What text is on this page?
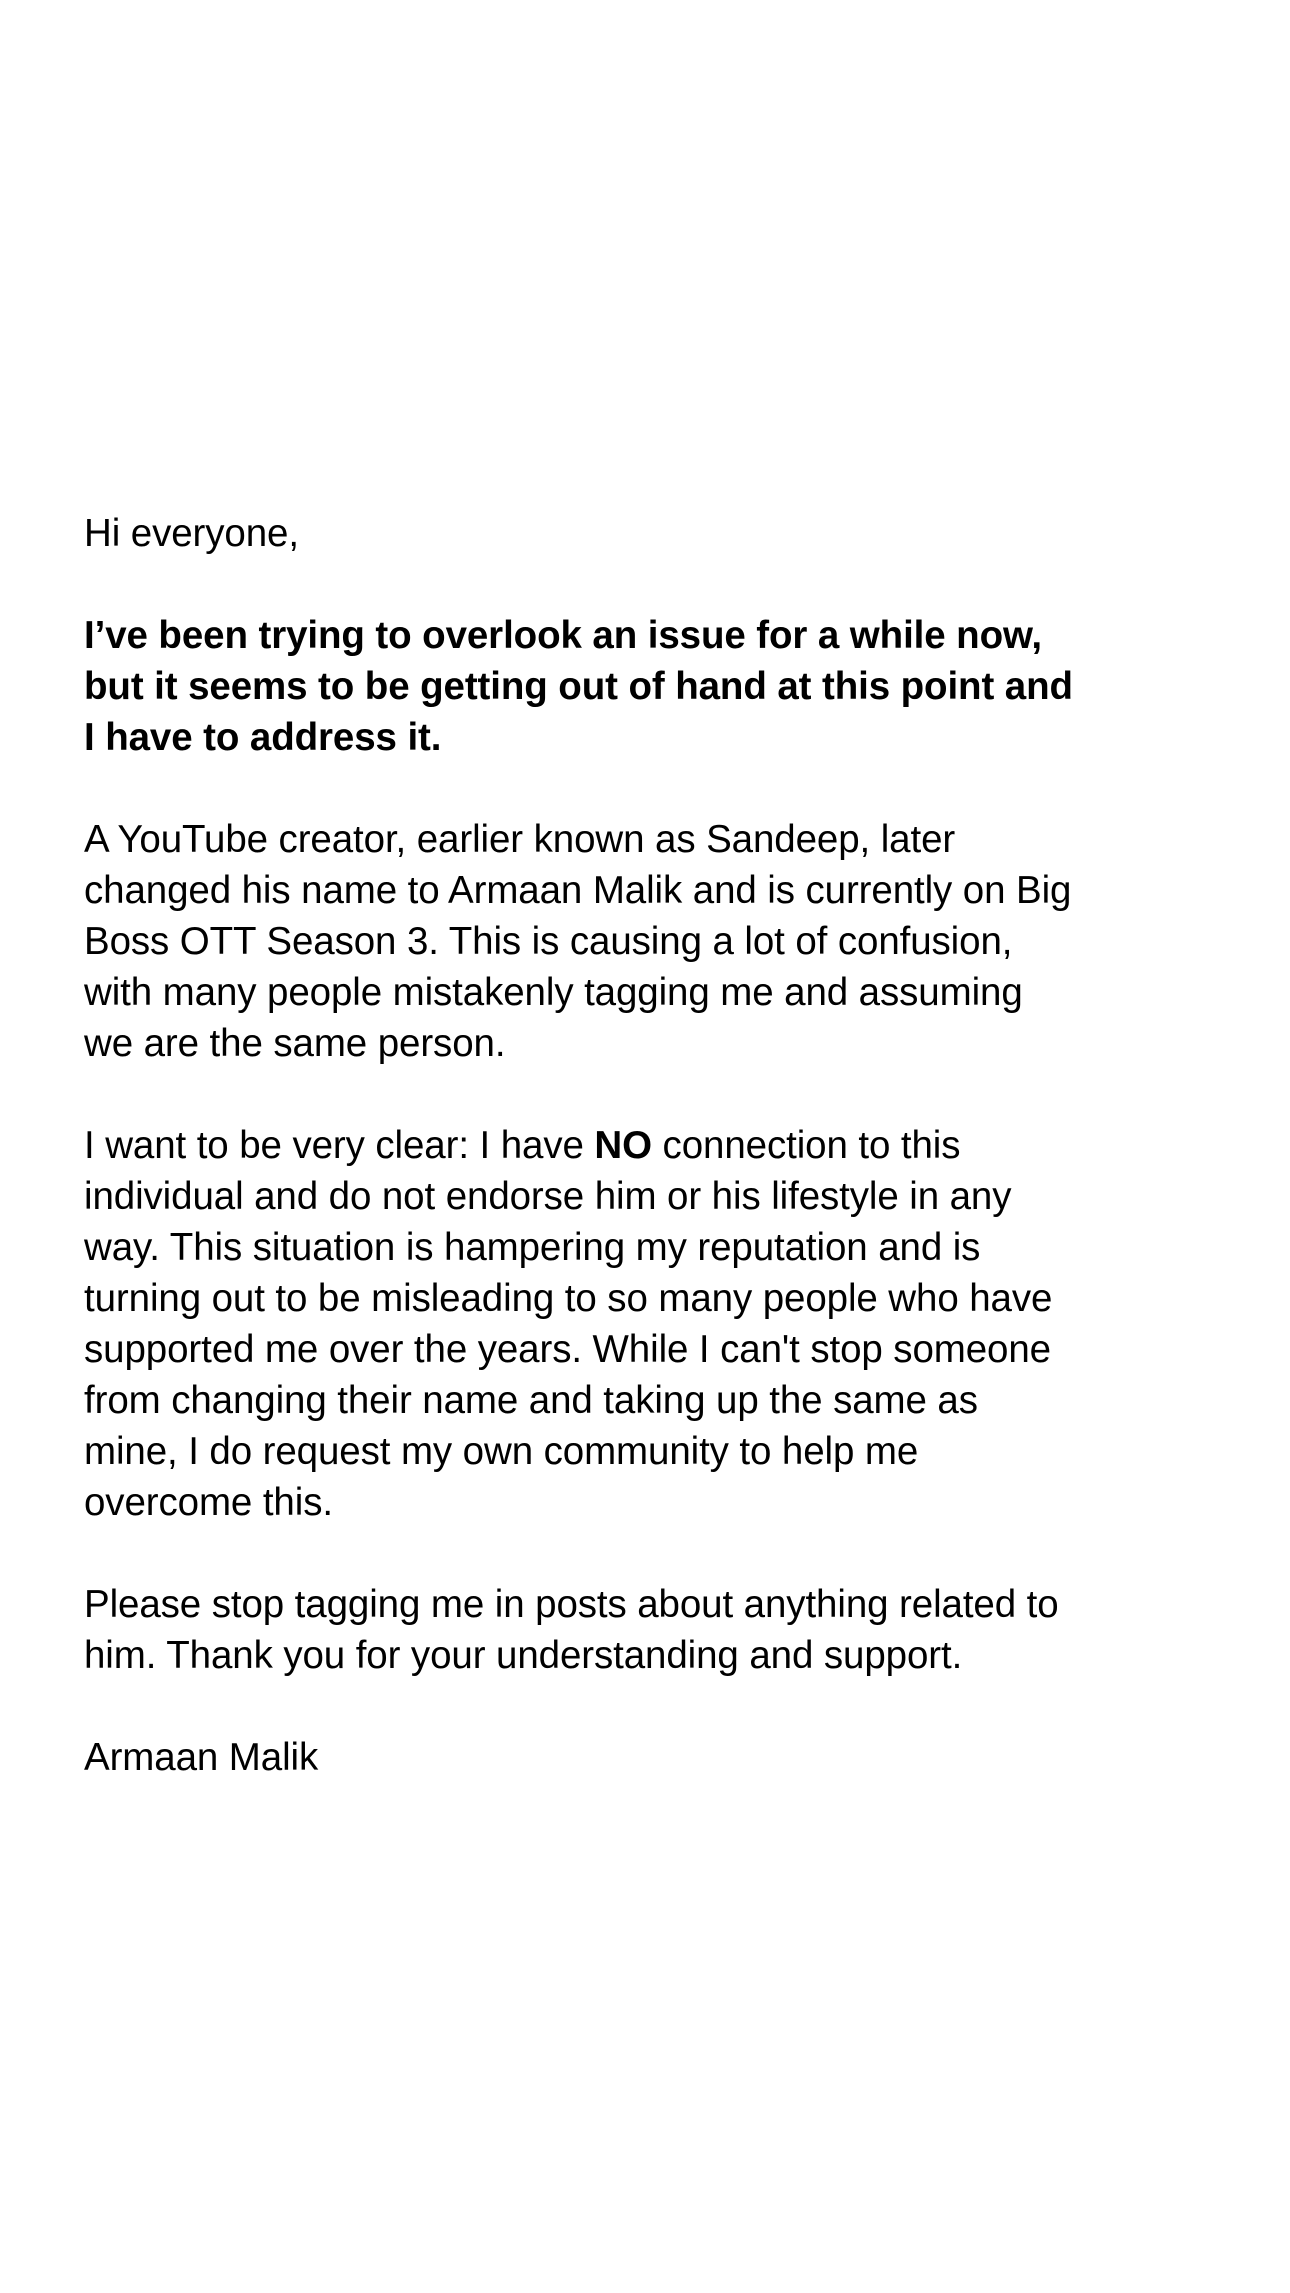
Hi everyone,

I’ve been trying to overlook an issue for a while now,
but it seems to be getting out of hand at this point and
I have to address it.

A YouTube creator, earlier known as Sandeep, later
changed his name to Armaan Malik and is currently on Big
Boss OTT Season 3. This is causing a lot of confusion,
with many people mistakenly tagging me and assuming
we are the same person.

I want to be very clear: I have NO connection to this
individual and do not endorse him or his lifestyle in any
way. This situation is hampering my reputation and is
turning out to be misleading to so many people who have
supported me over the years. While I can't stop someone
from changing their name and taking up the same as
mine, I do request my own community to help me
overcome this.

Please stop tagging me in posts about anything related to
him. Thank you for your understanding and support.

Armaan Malik
